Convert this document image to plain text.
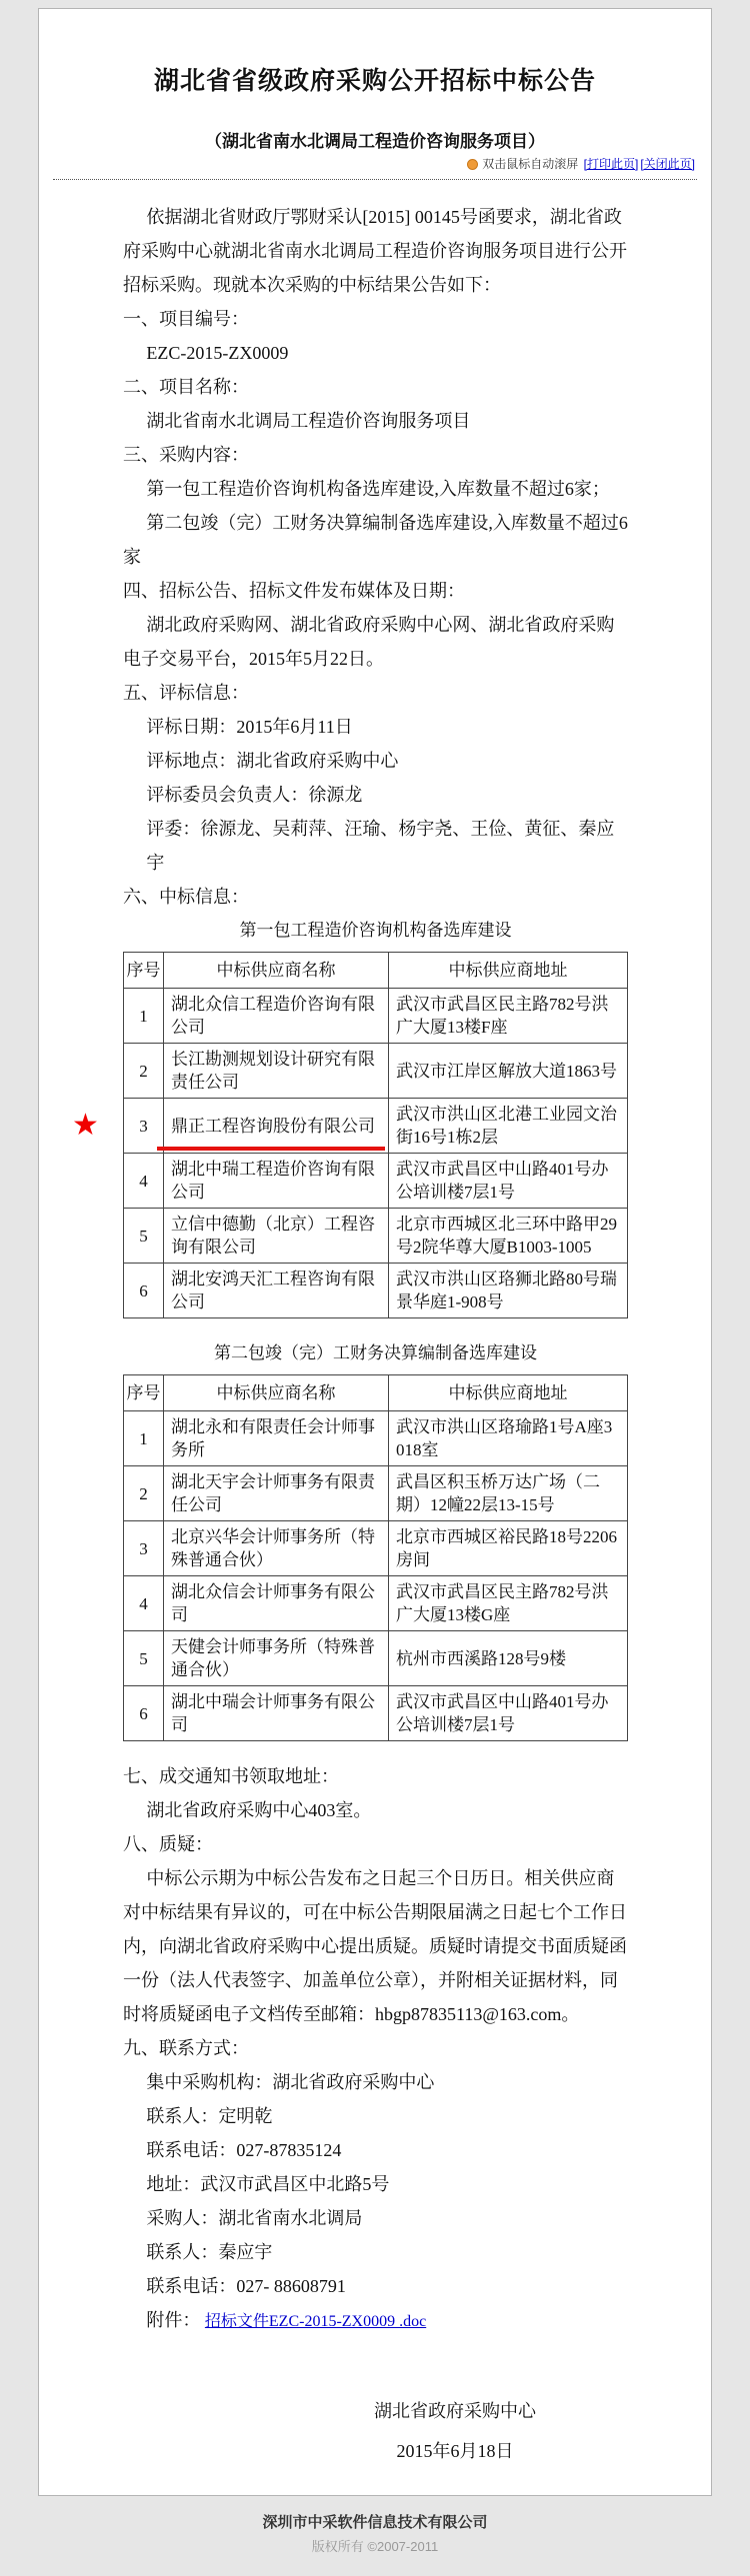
湖北省省级政府采购公开招标中标公告
（湖北省南水北调局工程造价咨询服务项目）
双击鼠标自动滚屏 [打印此页] [关闭此页]

依据湖北省财政厅鄂财采认[2015] 00145号函要求，湖北省政府采购中心就湖北省南水北调局工程造价咨询服务项目进行公开招标采购。现就本次采购的中标结果公告如下：

一、项目编号：

EZC-2015-ZX0009

二、项目名称：

湖北省南水北调局工程造价咨询服务项目

三、采购内容：

第一包工程造价咨询机构备选库建设,入库数量不超过6家；

第二包竣（完）工财务决算编制备选库建设,入库数量不超过6家

四、招标公告、招标文件发布媒体及日期：

湖北政府采购网、湖北省政府采购中心网、湖北省政府采购电子交易平台，2015年5月22日。

五、评标信息：

评标日期：2015年6月11日

评标地点：湖北省政府采购中心

评标委员会负责人：徐源龙

评委：徐源龙、吴莉萍、汪瑜、杨宇尧、王俭、黄征、秦应宇

六、中标信息：

第一包工程造价咨询机构备选库建设

序号	中标供应商名称	中标供应商地址
1	湖北众信工程造价咨询有限公司	武汉市武昌区民主路782号洪广大厦13楼F座
2	长江勘测规划设计研究有限责任公司	武汉市江岸区解放大道1863号

★ 3	鼎正工程咨询股份有限公司	武汉市洪山区北港工业园文治街16号1栋2层
4	湖北中瑞工程造价咨询有限公司	武汉市武昌区中山路401号办公培训楼7层1号
5	立信中德勤（北京）工程咨询有限公司	北京市西城区北三环中路甲29号2院华尊大厦B1003-1005
6	湖北安鸿天汇工程咨询有限公司	武汉市洪山区珞狮北路80号瑞景华庭1-908号

第二包竣（完）工财务决算编制备选库建设

序号	中标供应商名称	中标供应商地址
1	湖北永和有限责任会计师事务所	武汉市洪山区珞瑜路1号A座3018室
2	湖北天宇会计师事务有限责任公司	武昌区积玉桥万达广场（二期）12幢22层13-15号
3	北京兴华会计师事务所（特殊普通合伙）	北京市西城区裕民路18号2206房间
4	湖北众信会计师事务有限公司	武汉市武昌区民主路782号洪广大厦13楼G座
5	天健会计师事务所（特殊普通合伙）	杭州市西溪路128号9楼
6	湖北中瑞会计师事务有限公司	武汉市武昌区中山路401号办公培训楼7层1号

七、成交通知书领取地址：

湖北省政府采购中心403室。

八、质疑：

中标公示期为中标公告发布之日起三个日历日。相关供应商对中标结果有异议的，可在中标公告期限届满之日起七个工作日内，向湖北省政府采购中心提出质疑。质疑时请提交书面质疑函一份（法人代表签字、加盖单位公章），并附相关证据材料，同时将质疑函电子文档传至邮箱：hbgp87835113@163.com。

九、联系方式：

集中采购机构：湖北省政府采购中心

联系人：定明乾

联系电话：027-87835124

地址：武汉市武昌区中北路5号

采购人：湖北省南水北调局

联系人：秦应宇

联系电话：027- 88608791

附件： 招标文件EZC-2015-ZX0009 .doc

湖北省政府采购中心
2015年6月18日
深圳市中采软件信息技术有限公司
版权所有 ©2007-2011
